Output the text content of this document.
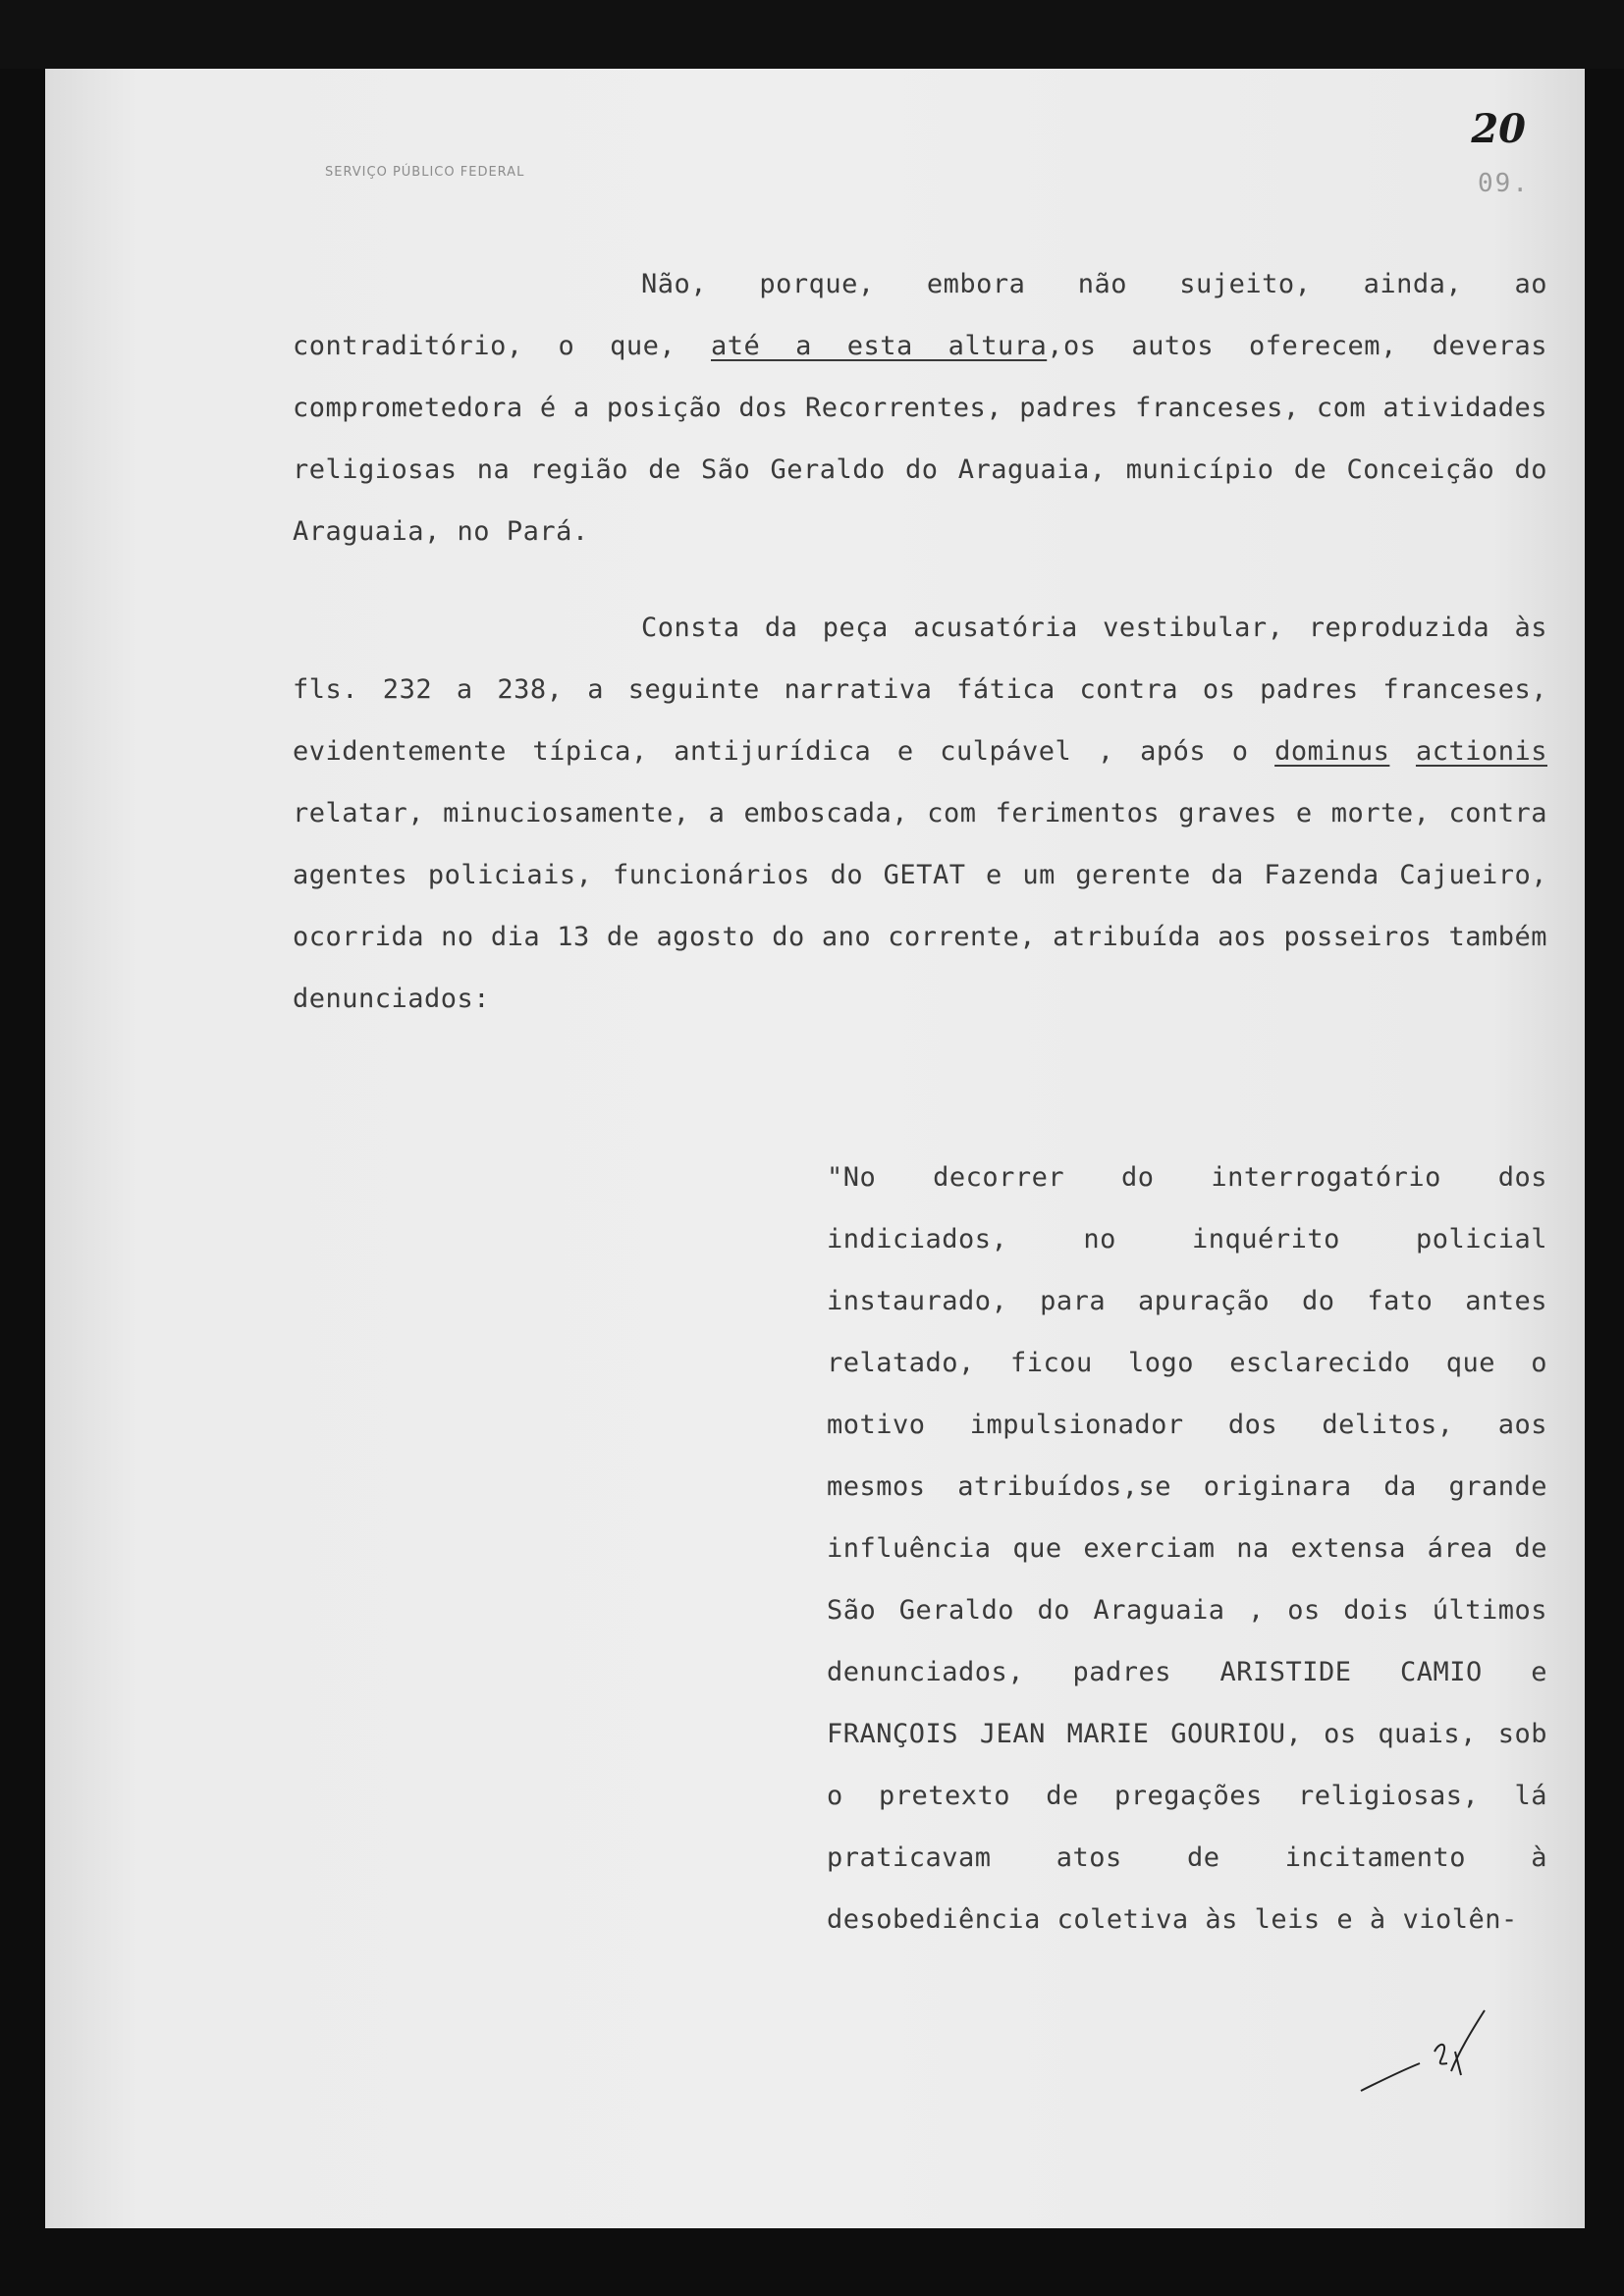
SERVIÇO PÚBLICO FEDERAL
20
09.

Não, porque, embora não sujeito, ainda, ao contraditório, o que, até a esta altura,os autos oferecem, deveras comprometedora é a posição dos Recorrentes, padres franceses, com atividades religiosas na região de São Geraldo do Araguaia, município de Conceição do Araguaia, no Pará.

Consta da peça acusatória vestibular, reproduzida às fls. 232 a 238, a seguinte narrativa fática contra os padres franceses, evidentemente típica, antijurídica e culpável , após o dominus actionis relatar, minuciosamente, a emboscada, com ferimentos graves e morte, contra agentes policiais, funcionários do GETAT e um gerente da Fazenda Cajueiro, ocorrida no dia 13 de agosto do ano corrente, atribuída aos posseiros também denunciados:

"No decorrer do interrogatório dos indiciados, no inquérito policial instaurado, para apuração do fato antes relatado, ficou logo esclarecido que o motivo impulsionador dos delitos, aos mesmos atribuídos,se originara da grande influência que exerciam na extensa área de São Geraldo do Araguaia , os dois últimos denunciados, padres ARISTIDE CAMIO e FRANÇOIS JEAN MARIE GOURIOU, os quais, sob o pretexto de pregações religiosas, lá praticavam atos de incitamento à desobediência coletiva às leis e à violên-
